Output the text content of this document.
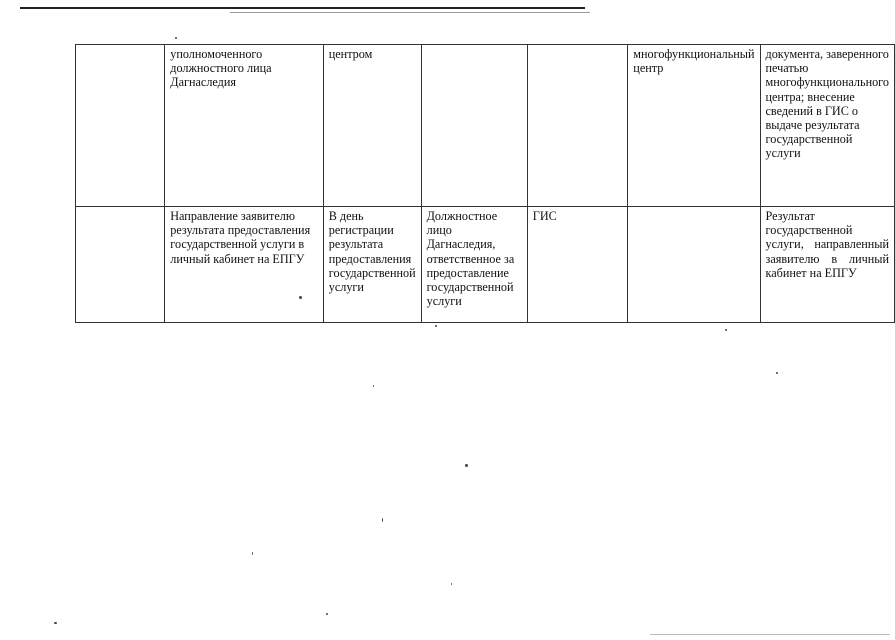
	уполномоченного должностного лица Дагнаследия	центром			многофункционaльный центр	документа, заверенного печатью многофункционального центра; внесение сведений в ГИС о выдаче результата государственной услуги
	Направление заявителю результата предоставления государственной услуги в личный кабинет на ЕПГУ	В день регистрации результата предоставления государственной услуги	Должностное лицо Дагнаследия, ответственное за предоставление государственной услуги	ГИС		Результат государственной услуги, направленный заявителю в личный кабинет на ЕПГУ
